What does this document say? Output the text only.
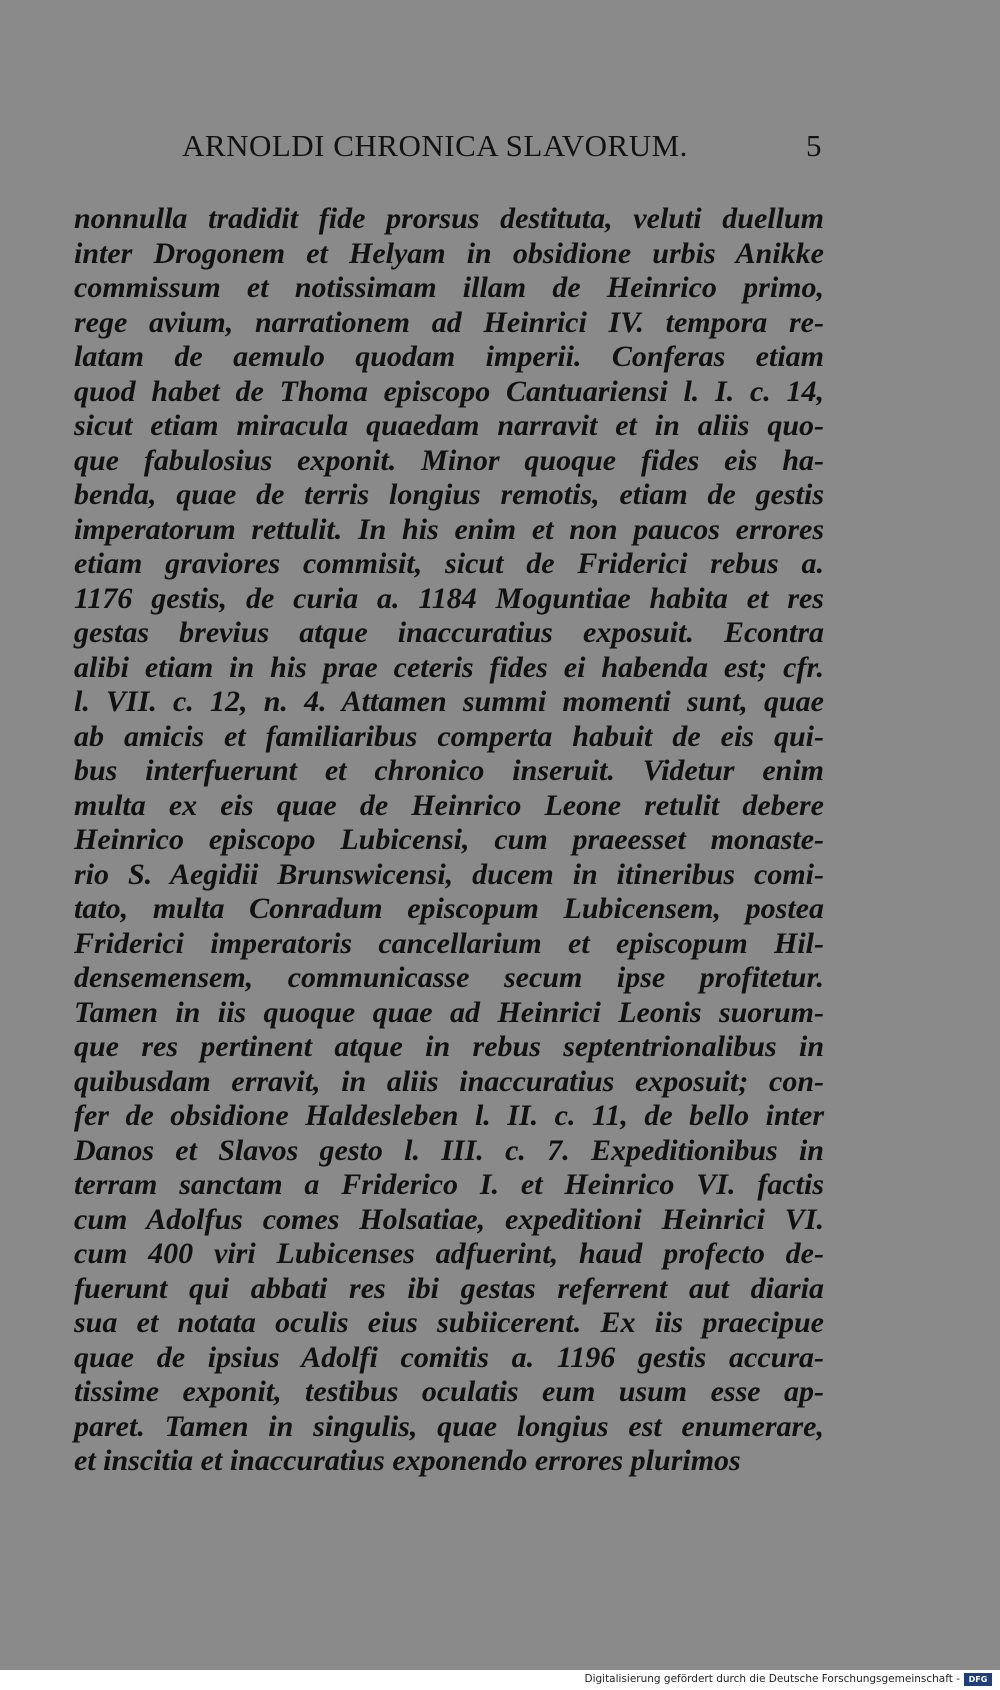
ARNOLDI CHRONICA SLAVORUM.	5
nonnulla tradidit fide prorsus destituta, veluti duellum
inter Drogonem et Helyam in obsidione urbis Anikke
commissum et notissimam illam de Heinrico primo,
rege avium, narrationem ad Heinrici IV. tempora re-
latam de aemulo quodam imperii. Conferas etiam
quod habet de Thoma episcopo Cantuariensi l. I. c. 14,
sicut etiam miracula quaedam narravit et in aliis quo-
que fabulosius exponit. Minor quoque fides eis ha-
benda, quae de terris longius remotis, etiam de gestis
imperatorum rettulit. In his enim et non paucos errores
etiam graviores commisit, sicut de Friderici rebus a.
1176 gestis, de curia a. 1184 Moguntiae habita et res
gestas brevius atque inaccuratius exposuit. Econtra
alibi etiam in his prae ceteris fides ei habenda est; cfr.
l. VII. c. 12, n. 4. Attamen summi momenti sunt, quae
ab amicis et familiaribus comperta habuit de eis qui-
bus interfuerunt et chronico inseruit. Videtur enim
multa ex eis quae de Heinrico Leone retulit debere
Heinrico episcopo Lubicensi, cum praeesset monaste-
rio S. Aegidii Brunswicensi, ducem in itineribus comi-
tato, multa Conradum episcopum Lubicensem, postea
Friderici imperatoris cancellarium et episcopum Hil-
densemensem, communicasse secum ipse profitetur.
Tamen in iis quoque quae ad Heinrici Leonis suorum-
que res pertinent atque in rebus septentrionalibus in
quibusdam erravit, in aliis inaccuratius exposuit; con-
fer de obsidione Haldesleben l. II. c. 11, de bello inter
Danos et Slavos gesto l. III. c. 7. Expeditionibus in
terram sanctam a Friderico I. et Heinrico VI. factis
cum Adolfus comes Holsatiae, expeditioni Heinrici VI.
cum 400 viri Lubicenses adfuerint, haud profecto de-
fuerunt qui abbati res ibi gestas referrent aut diaria
sua et notata oculis eius subiicerent. Ex iis praecipue
quae de ipsius Adolfi comitis a. 1196 gestis accura-
tissime exponit, testibus oculatis eum usum esse ap-
paret. Tamen in singulis, quae longius est enumerare,
et inscitia et inaccuratius exponendo errores plurimos
Digitalisierung gefördert durch die Deutsche Forschungsgemeinschaft -	DFG
